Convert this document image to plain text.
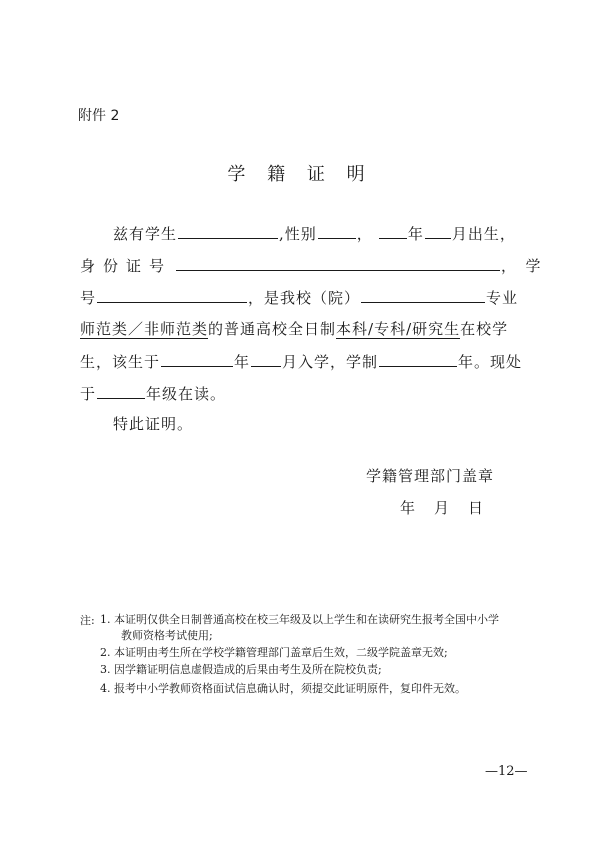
附件 2
学 籍 证 明
兹有学生	,性别	， 年 月出生，
身份证号	，　学
号	，是我校（院）	专业
师范类／非师范类的普通高校全日制本科/专科/研究生在校学
生，该生于	年 月入学，学制	年。现处
于	年级在读。
特此证明。
学籍管理部门盖章
年　月　日
注: 1. 本证明仅供全日制普通高校在校三年级及以上学生和在读研究生报考全国中小学
教师资格考试使用;
2. 本证明由考生所在学校学籍管理部门盖章后生效，二级学院盖章无效;
3. 因学籍证明信息虚假造成的后果由考生及所在院校负责;
4. 报考中小学教师资格面试信息确认时，须提交此证明原件，复印件无效。
—12—
